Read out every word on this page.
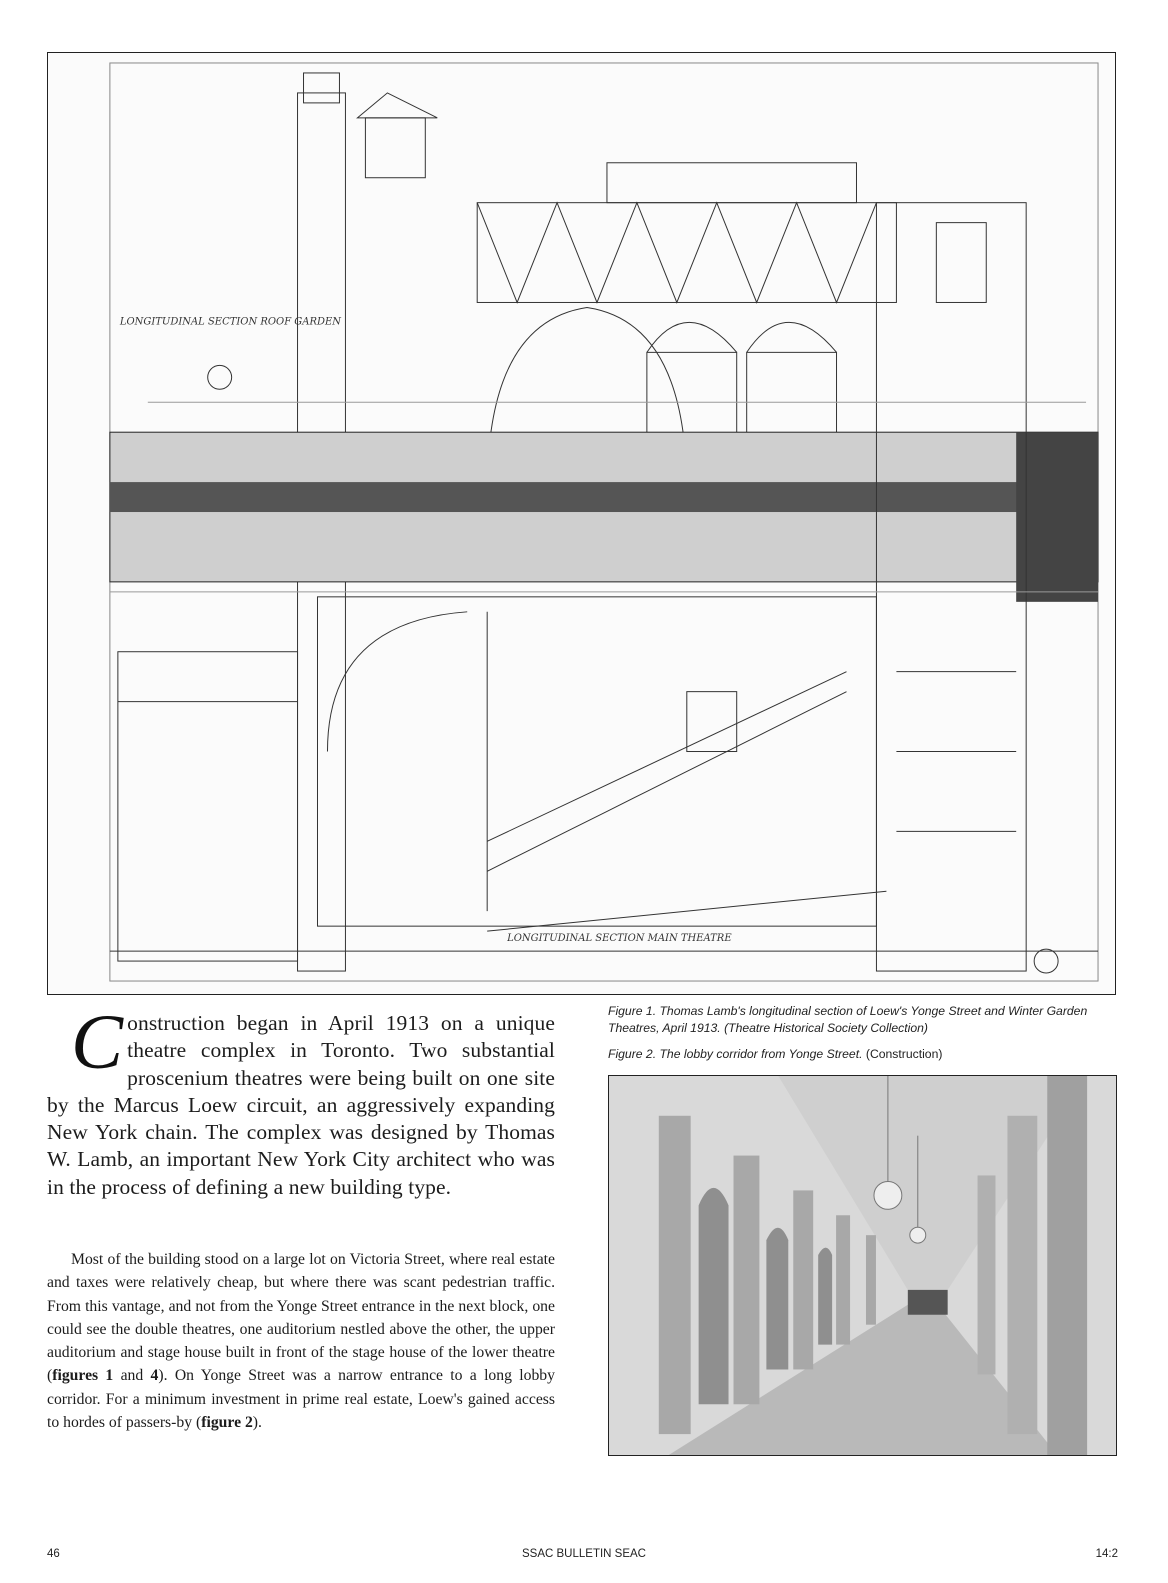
LONGITUDINAL SECTION ROOF GARDEN
LONGITUDINAL SECTION MAIN THEATRE
Figure 1. Thomas Lamb's longitudinal section of Loew's Yonge Street and Winter Garden Theatres, April 1913. (Theatre Historical Society Collection)
Figure 2. The lobby corridor from Yonge Street. (Construction)
Construction began in April 1913 on a unique theatre complex in Toronto. Two substantial proscenium theatres were being built on one site by the Marcus Loew circuit, an aggressively expanding New York chain. The complex was designed by Thomas W. Lamb, an important New York City architect who was in the process of defining a new building type.
Most of the building stood on a large lot on Victoria Street, where real estate and taxes were relatively cheap, but where there was scant pedestrian traffic. From this vantage, and not from the Yonge Street entrance in the next block, one could see the double theatres, one auditorium nestled above the other, the upper auditorium and stage house built in front of the stage house of the lower theatre (figures 1 and 4). On Yonge Street was a narrow entrance to a long lobby corridor. For a minimum investment in prime real estate, Loew's gained access to hordes of passers-by (figure 2).
46	SSAC BULLETIN SEAC	14:2
